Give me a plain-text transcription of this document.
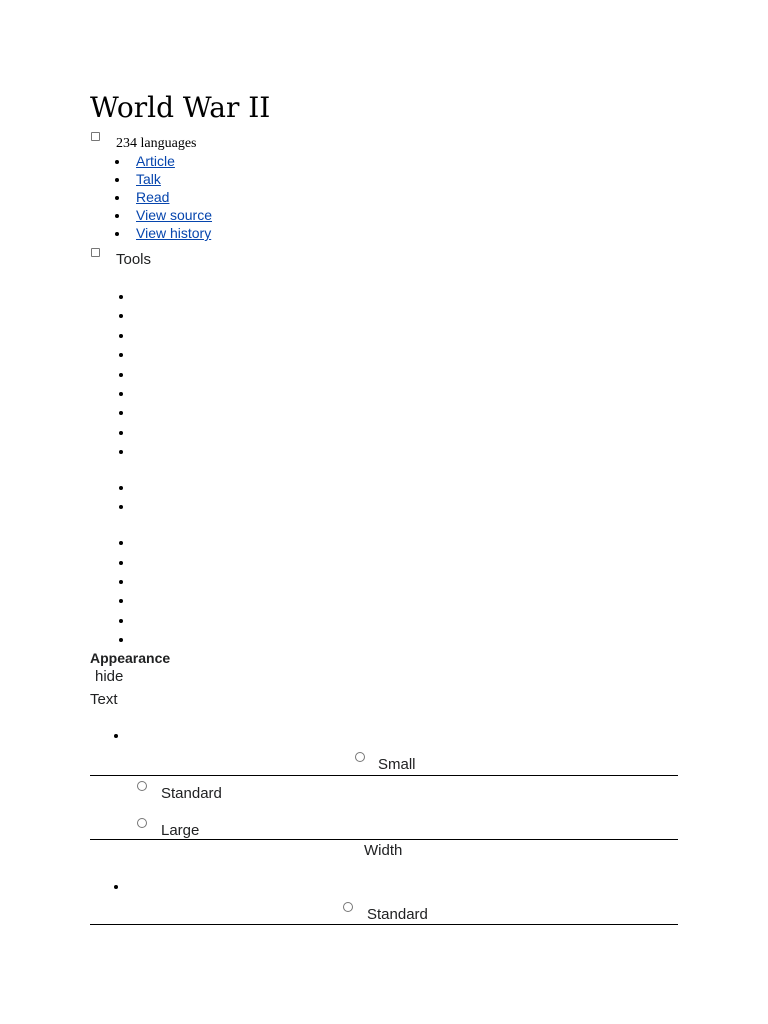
World War II
234 languages
Article
Talk
Read
View source
View history
Tools
Appearance
hide
Text
Small
Standard
Large
Width
Standard
